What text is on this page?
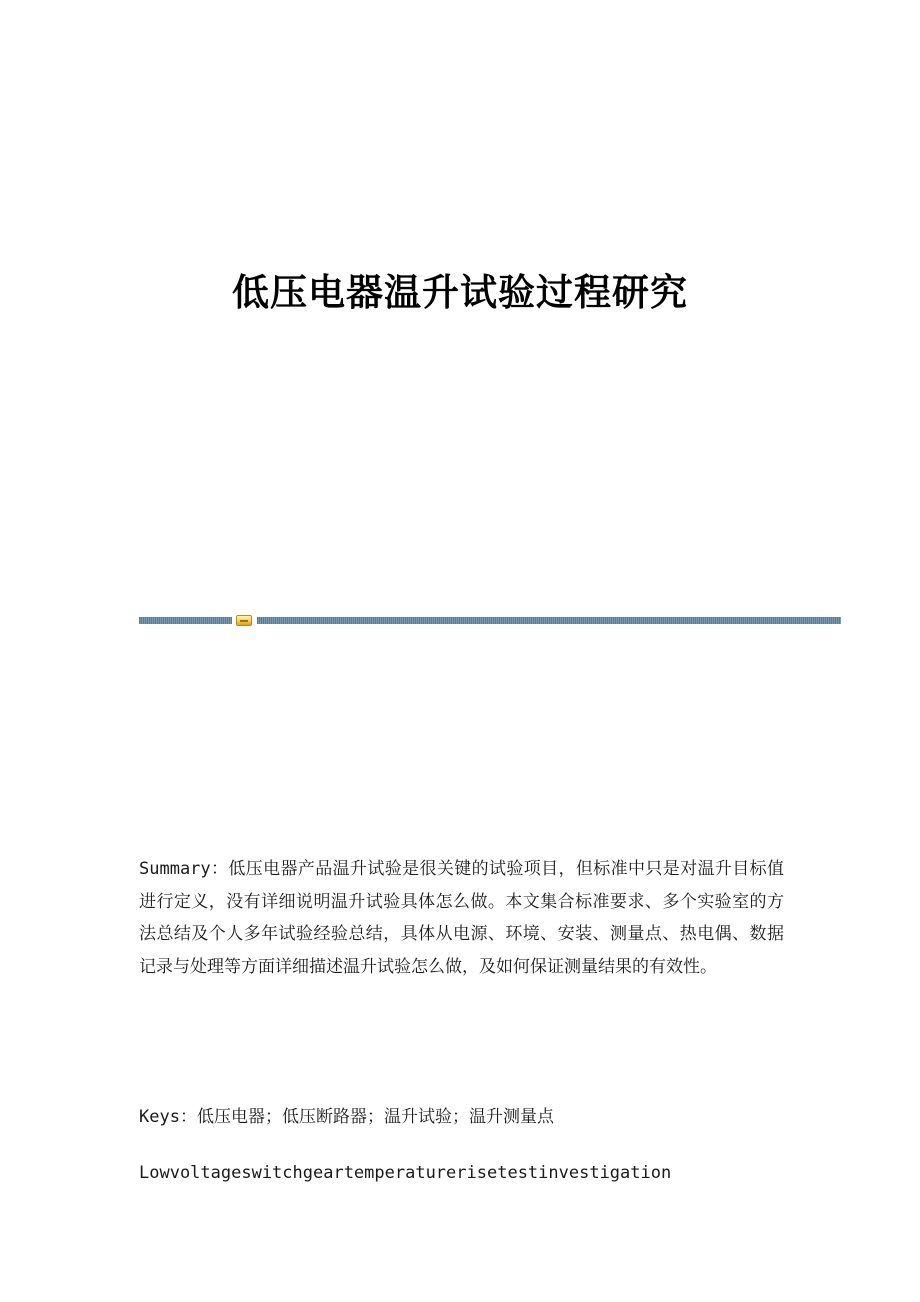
低压电器温升试验过程研究
Summary：低压电器产品温升试验是很关键的试验项目，但标准中只是对温升目标值进行定义，没有详细说明温升试验具体怎么做。本文集合标准要求、多个实验室的方法总结及个人多年试验经验总结，具体从电源、环境、安装、测量点、热电偶、数据记录与处理等方面详细描述温升试验怎么做，及如何保证测量结果的有效性。
Keys：低压电器；低压断路器；温升试验；温升测量点
Lowvoltageswitchgeartemperaturerisetestinvestigation
